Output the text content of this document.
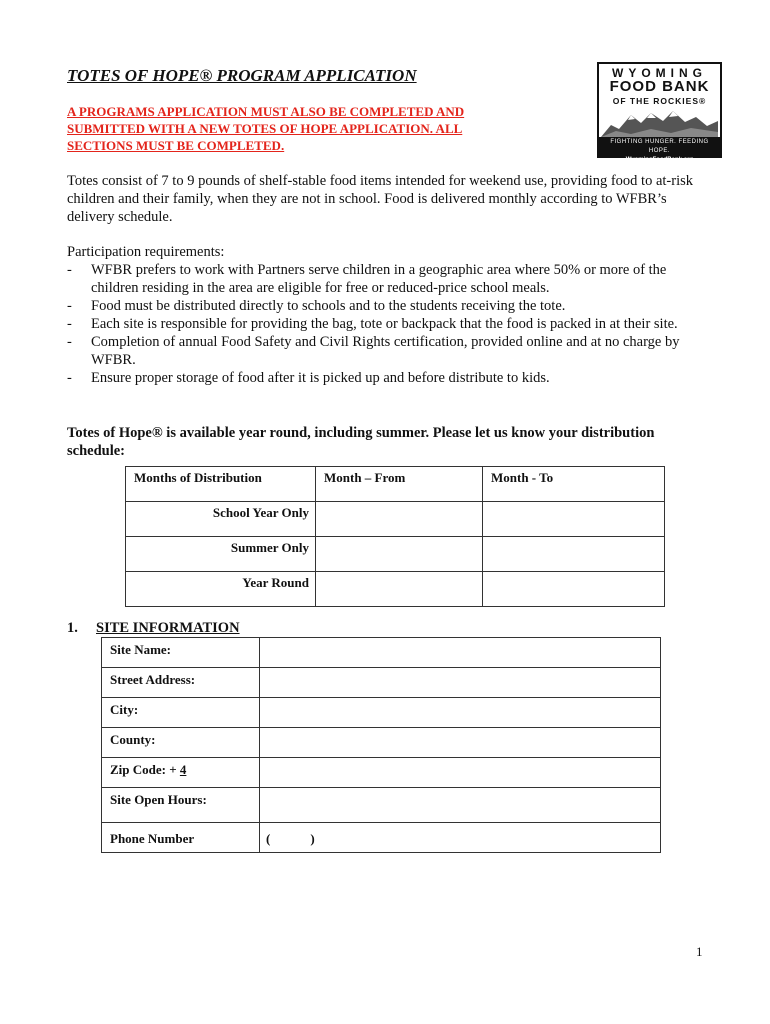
TOTES OF HOPE® PROGRAM APPLICATION
A PROGRAMS APPLICATION MUST ALSO BE COMPLETED AND
SUBMITTED WITH A NEW TOTES OF HOPE APPLICATION. ALL
SECTIONS MUST BE COMPLETED.
WYOMING
FOOD BANK
OF THE ROCKIES®
FIGHTING HUNGER. FEEDING HOPE.
WyomingFoodBank.org
Totes consist of 7 to 9 pounds of shelf-stable food items intended for weekend use, providing food to at-risk children and their family, when they are not in school. Food is delivered monthly according to WFBR’s delivery schedule.
Participation requirements:
- WFBR prefers to work with Partners serve children in a geographic area where 50% or more of the children residing in the area are eligible for free or reduced-price school meals.
- Food must be distributed directly to schools and to the students receiving the tote.
- Each site is responsible for providing the bag, tote or backpack that the food is packed in at their site.
- Completion of annual Food Safety and Civil Rights certification, provided online and at no charge by WFBR.
- Ensure proper storage of food after it is picked up and before distribute to kids.
Totes of Hope® is available year round, including summer. Please let us know your distribution schedule:
Months of Distribution	Month – From	Month - To
School Year Only		
Summer Only		
Year Round		
1. SITE INFORMATION
Site Name:	
Street Address:	
City:	
County:	
Zip Code: + 4	
Site Open Hours:	
Phone Number	( )
1
